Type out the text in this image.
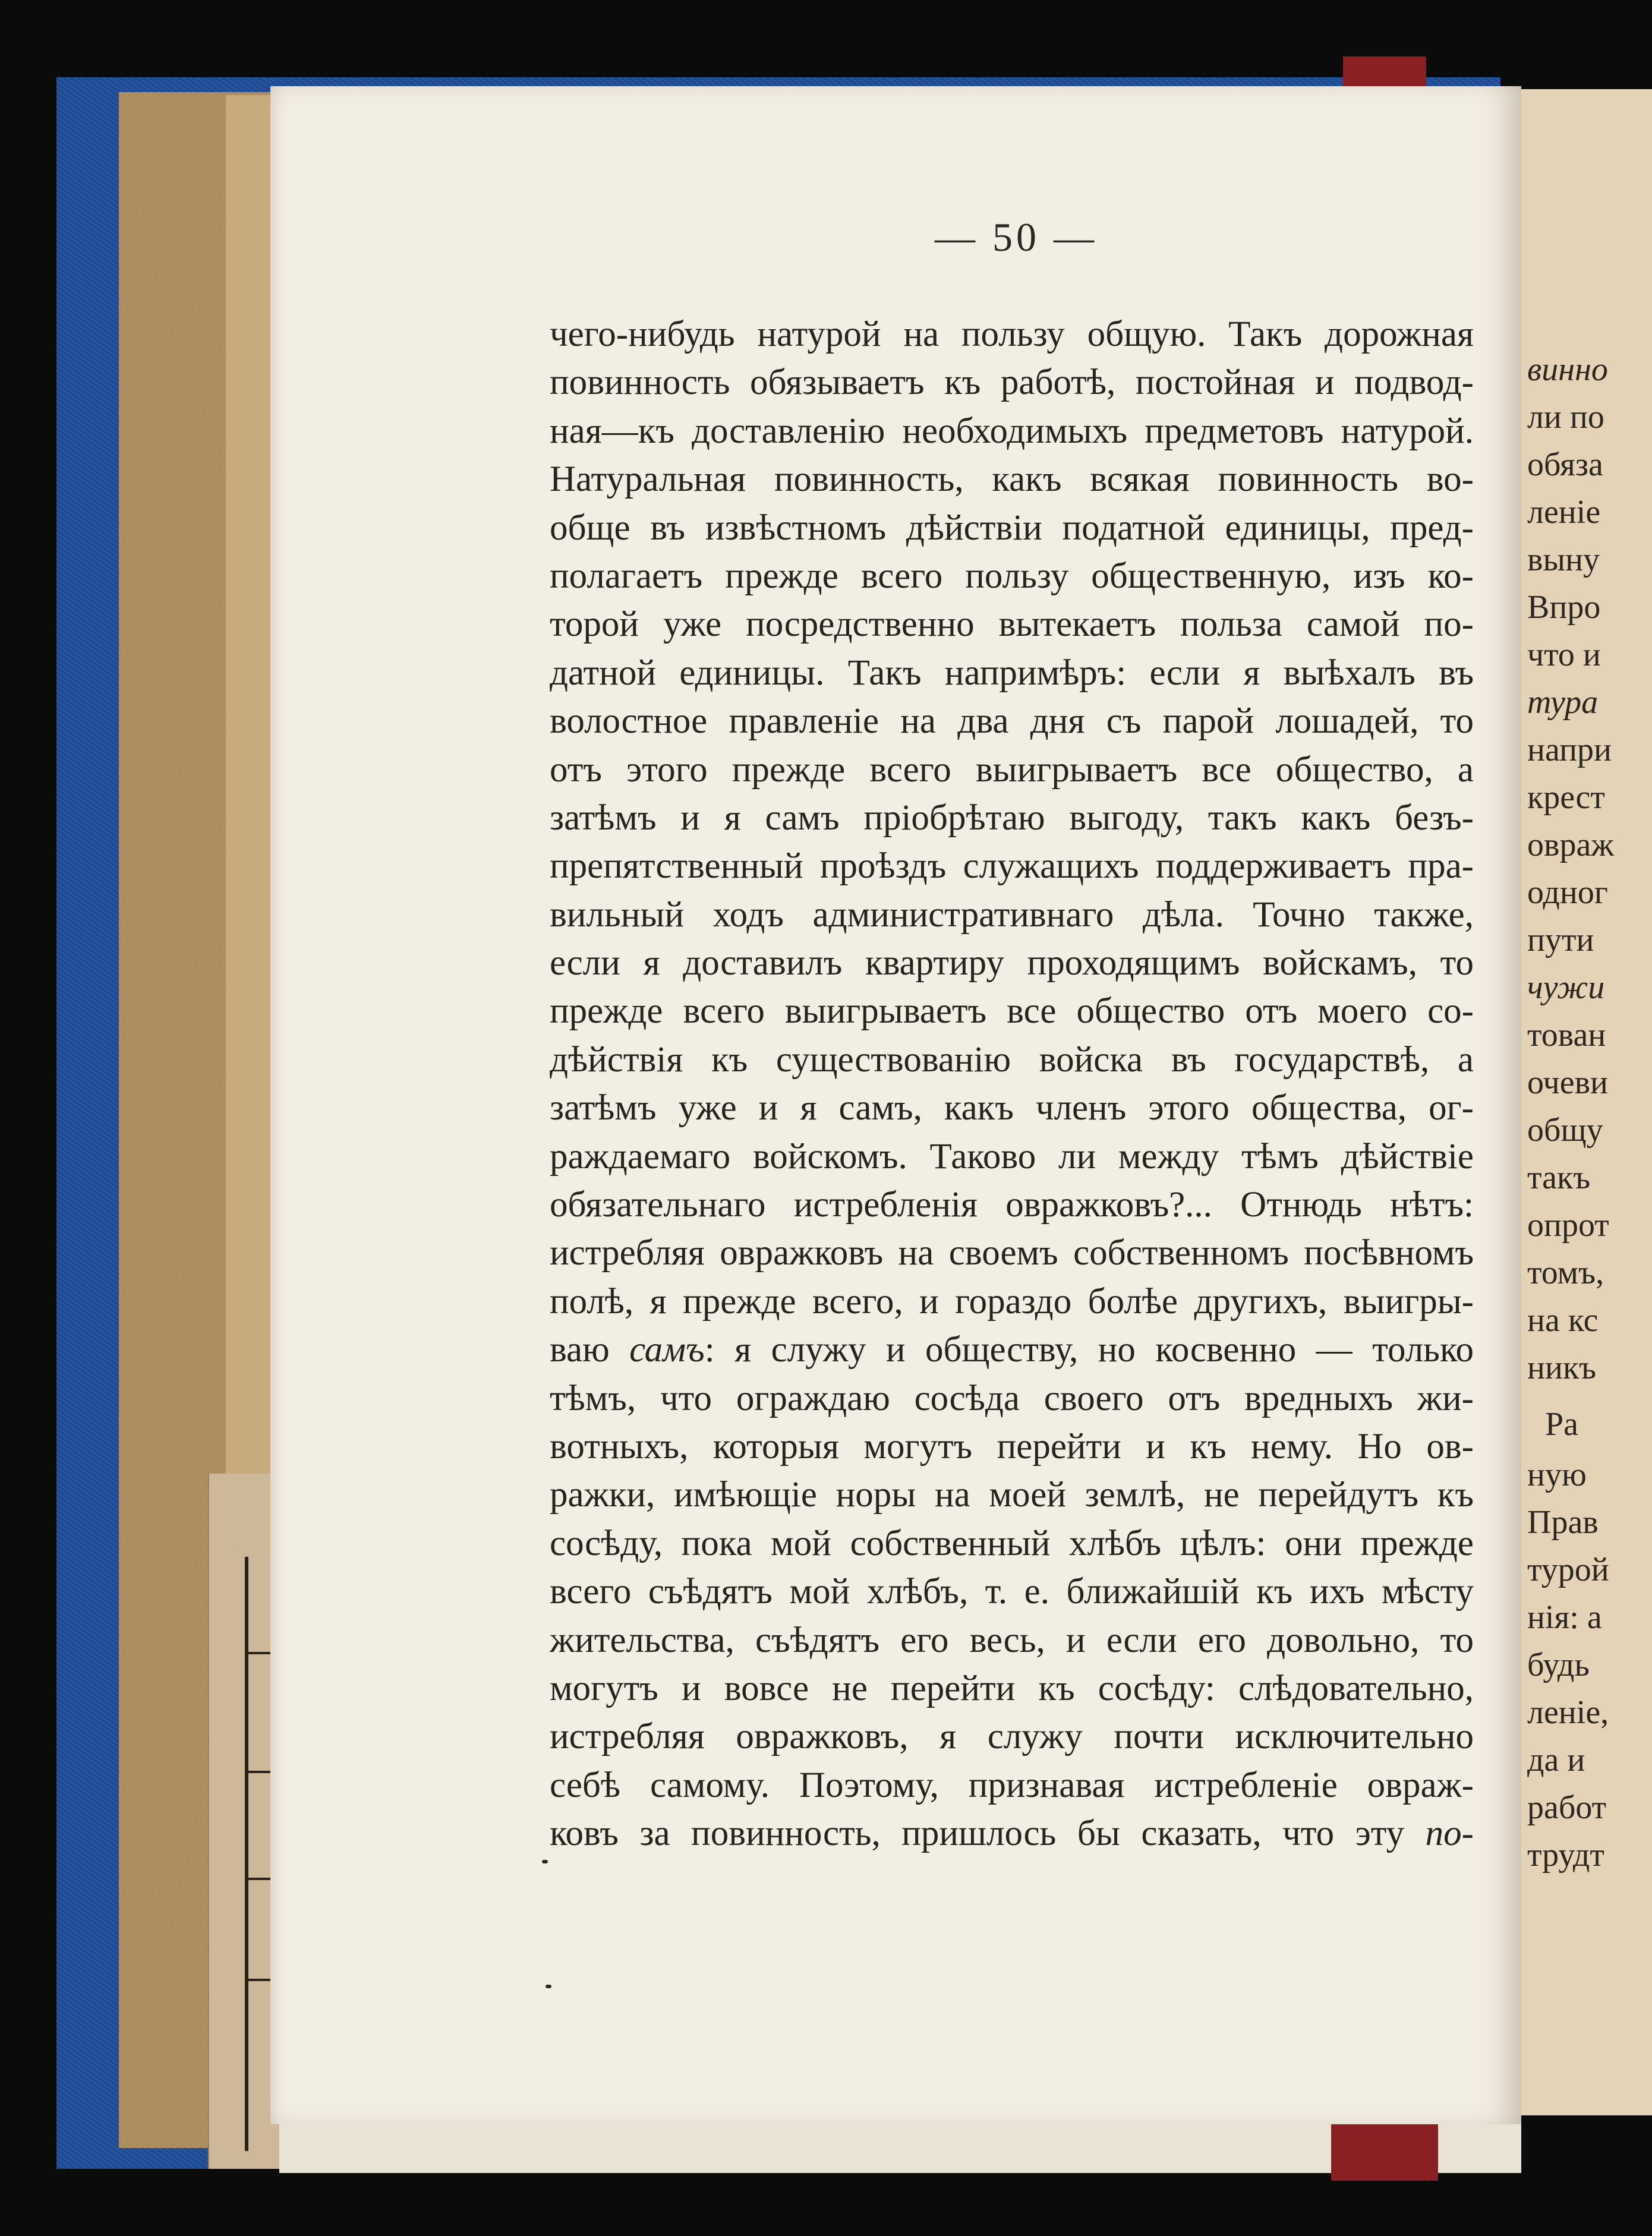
винно
ли по
обяза
леніе
выну
Впро
что и
тура
напри
крест
овраж
одног
пути
чужи
тован
очеви
общу
такъ
опрот
томъ,
на кс
никъ
Ра
ную
Прав
турой
нія: а
будь
леніе,
да и
работ
трудт
— 50 —
чего-нибудь натурой на пользу общую. Такъ дорожная
повинность обязываетъ къ работѣ, постойная и подвод-
ная—къ доставленію необходимыхъ предметовъ натурой.
Натуральная повинность, какъ всякая повинность во-
обще въ извѣстномъ дѣйствіи податной единицы, пред-
полагаетъ прежде всего пользу общественную, изъ ко-
торой уже посредственно вытекаетъ польза самой по-
датной единицы. Такъ напримѣръ: если я выѣхалъ въ
волостное правленіе на два дня съ парой лошадей, то
отъ этого прежде всего выигрываетъ все общество, а
затѣмъ и я самъ пріобрѣтаю выгоду, такъ какъ безъ-
препятственный проѣздъ служащихъ поддерживаетъ пра-
вильный ходъ административнаго дѣла. Точно также,
если я доставилъ квартиру проходящимъ войскамъ, то
прежде всего выигрываетъ все общество отъ моего со-
дѣйствія къ существованію войска въ государствѣ, а
затѣмъ уже и я самъ, какъ членъ этого общества, ог-
раждаемаго войскомъ. Таково ли между тѣмъ дѣйствіе
обязательнаго истребленія овражковъ?... Отнюдь нѣтъ:
истребляя овражковъ на своемъ собственномъ посѣвномъ
полѣ, я прежде всего, и гораздо болѣе другихъ, выигры-
ваю самъ: я служу и обществу, но косвенно — только
тѣмъ, что ограждаю сосѣда своего отъ вредныхъ жи-
вотныхъ, которыя могутъ перейти и къ нему. Но ов-
ражки, имѣющіе норы на моей землѣ, не перейдутъ къ
сосѣду, пока мой собственный хлѣбъ цѣлъ: они прежде
всего съѣдятъ мой хлѣбъ, т. е. ближайшій къ ихъ мѣсту
жительства, съѣдятъ его весь, и если его довольно, то
могутъ и вовсе не перейти къ сосѣду: слѣдовательно,
истребляя овражковъ, я служу почти исключительно
себѣ самому. Поэтому, признавая истребленіе овраж-
ковъ за повинность, пришлось бы сказать, что эту по-
